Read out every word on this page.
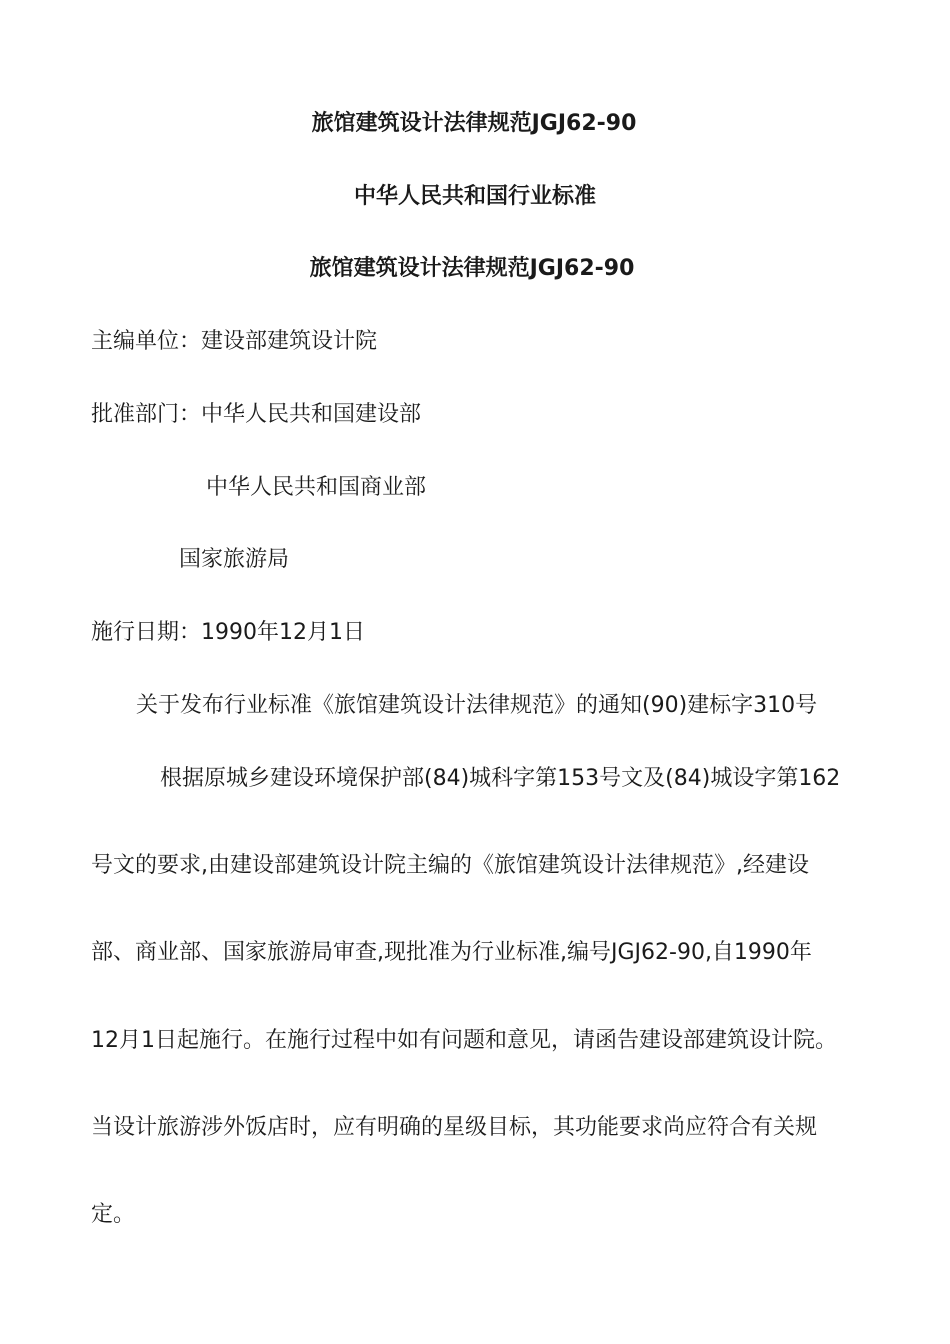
旅馆建筑设计法律规范JGJ62-90
中华人民共和国行业标准
旅馆建筑设计法律规范JGJ62-90
主编单位：建设部建筑设计院
批准部门：中华人民共和国建设部
中华人民共和国商业部
国家旅游局
施行日期：1990年12月1日
关于发布行业标准《旅馆建筑设计法律规范》的通知(90)建标字310号
根据原城乡建设环境保护部(84)城科字第153号文及(84)城设字第162
号文的要求,由建设部建筑设计院主编的《旅馆建筑设计法律规范》,经建设
部、商业部、国家旅游局审查,现批准为行业标准,编号JGJ62-90,自1990年
12月1日起施行。在施行过程中如有问题和意见，请函告建设部建筑设计院。
当设计旅游涉外饭店时，应有明确的星级目标，其功能要求尚应符合有关规
定。
